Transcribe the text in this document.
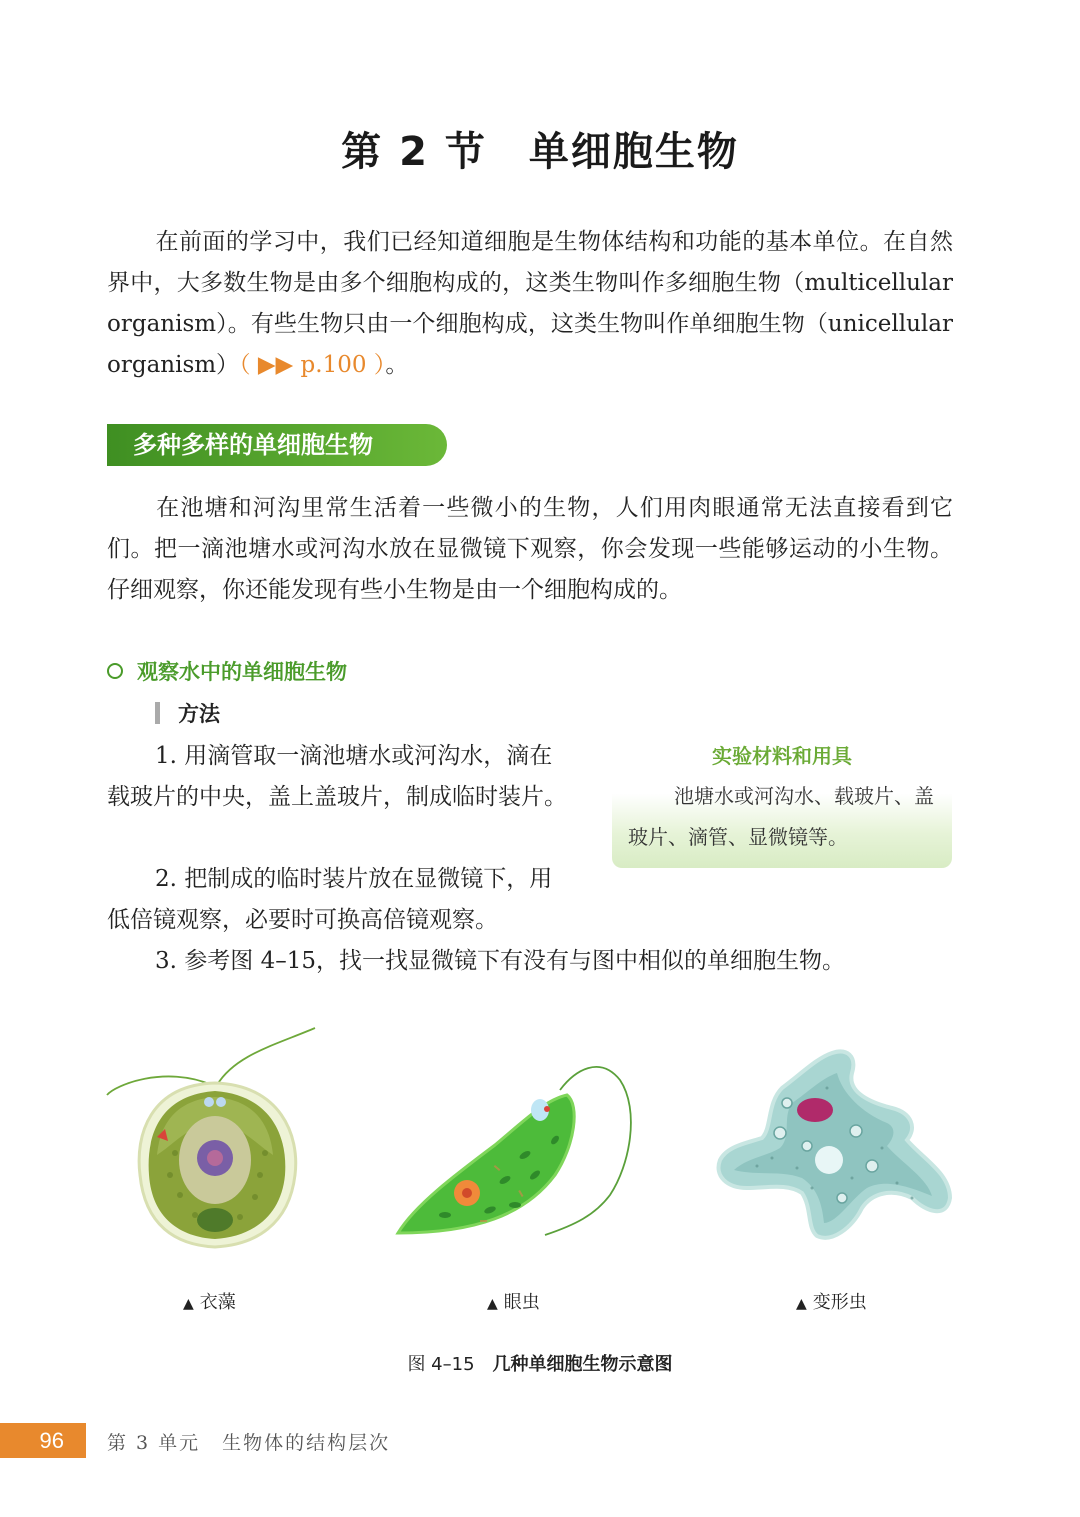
第 2 节　单细胞生物

在前面的学习中，我们已经知道细胞是生物体结构和功能的基本单位。在自然界中，大多数生物是由多个细胞构成的，这类生物叫作多细胞生物（multicellular organism）。有些生物只由一个细胞构成，这类生物叫作单细胞生物（unicellular organism）（ ▶▶ p.100 ）。

多种多样的单细胞生物

在池塘和河沟里常生活着一些微小的生物，人们用肉眼通常无法直接看到它们。把一滴池塘水或河沟水放在显微镜下观察，你会发现一些能够运动的小生物。仔细观察，你还能发现有些小生物是由一个细胞构成的。

观察水中的单细胞生物
方法

1. 用滴管取一滴池塘水或河沟水，滴在载玻片的中央，盖上盖玻片，制成临时装片。

2. 把制成的临时装片放在显微镜下，用低倍镜观察，必要时可换高倍镜观察。

3. 参考图 4–15，找一找显微镜下有没有与图中相似的单细胞生物。

实验材料和用具

池塘水或河沟水、载玻片、盖玻片、滴管、显微镜等。

▲ 衣藻	▲ 眼虫	▲ 变形虫
图 4–15 几种单细胞生物示意图
96	第 3 单元 生物体的结构层次
